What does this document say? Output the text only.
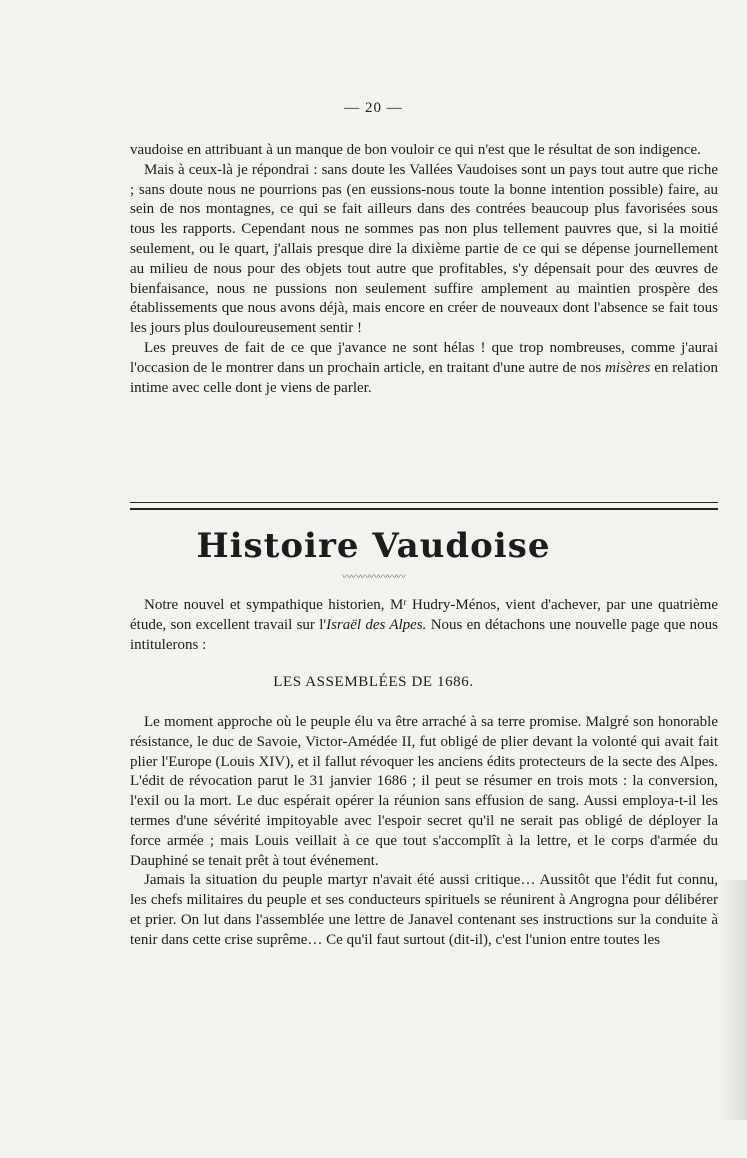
— 20 —

vaudoise en attribuant à un manque de bon vouloir ce qui n'est que le résultat de son indigence.

Mais à ceux-là je répondrai : sans doute les Vallées Vaudoises sont un pays tout autre que riche ; sans doute nous ne pourrions pas (en eussions-nous toute la bonne intention possible) faire, au sein de nos montagnes, ce qui se fait ailleurs dans des contrées beaucoup plus favorisées sous tous les rapports. Cependant nous ne sommes pas non plus tellement pauvres que, si la moitié seulement, ou le quart, j'allais presque dire la dixième partie de ce qui se dépense journellement au milieu de nous pour des objets tout autre que profitables, s'y dépensait pour des œuvres de bienfaisance, nous ne pussions non seulement suffire amplement au maintien prospère des établissements que nous avons déjà, mais encore en créer de nouveaux dont l'absence se fait tous les jours plus douloureusement sentir !

Les preuves de fait de ce que j'avance ne sont hélas ! que trop nombreuses, comme j'aurai l'occasion de le montrer dans un prochain article, en traitant d'une autre de nos misères en relation intime avec celle dont je viens de parler.

Histoire Vaudoise
〰〰〰〰〰〰〰

Notre nouvel et sympathique historien, Mʳ Hudry-Ménos, vient d'achever, par une quatrième étude, son excellent travail sur l'Israël des Alpes. Nous en détachons une nouvelle page que nous intitulerons :

LES ASSEMBLÉES DE 1686.

Le moment approche où le peuple élu va être arraché à sa terre promise. Malgré son honorable résistance, le duc de Savoie, Victor-Amédée II, fut obligé de plier devant la volonté qui avait fait plier l'Europe (Louis XIV), et il fallut révoquer les anciens édits protecteurs de la secte des Alpes. L'édit de révocation parut le 31 janvier 1686 ; il peut se résumer en trois mots : la conversion, l'exil ou la mort. Le duc espérait opérer la réunion sans effusion de sang. Aussi employa-t-il les termes d'une sévérité impitoyable avec l'espoir secret qu'il ne serait pas obligé de déployer la force armée ; mais Louis veillait à ce que tout s'accomplît à la lettre, et le corps d'armée du Dauphiné se tenait prêt à tout événement.

Jamais la situation du peuple martyr n'avait été aussi critique… Aussitôt que l'édit fut connu, les chefs militaires du peuple et ses conducteurs spirituels se réunirent à Angrogna pour délibérer et prier. On lut dans l'assemblée une lettre de Janavel contenant ses instructions sur la conduite à tenir dans cette crise suprême… Ce qu'il faut surtout (dit-il), c'est l'union entre toutes les
